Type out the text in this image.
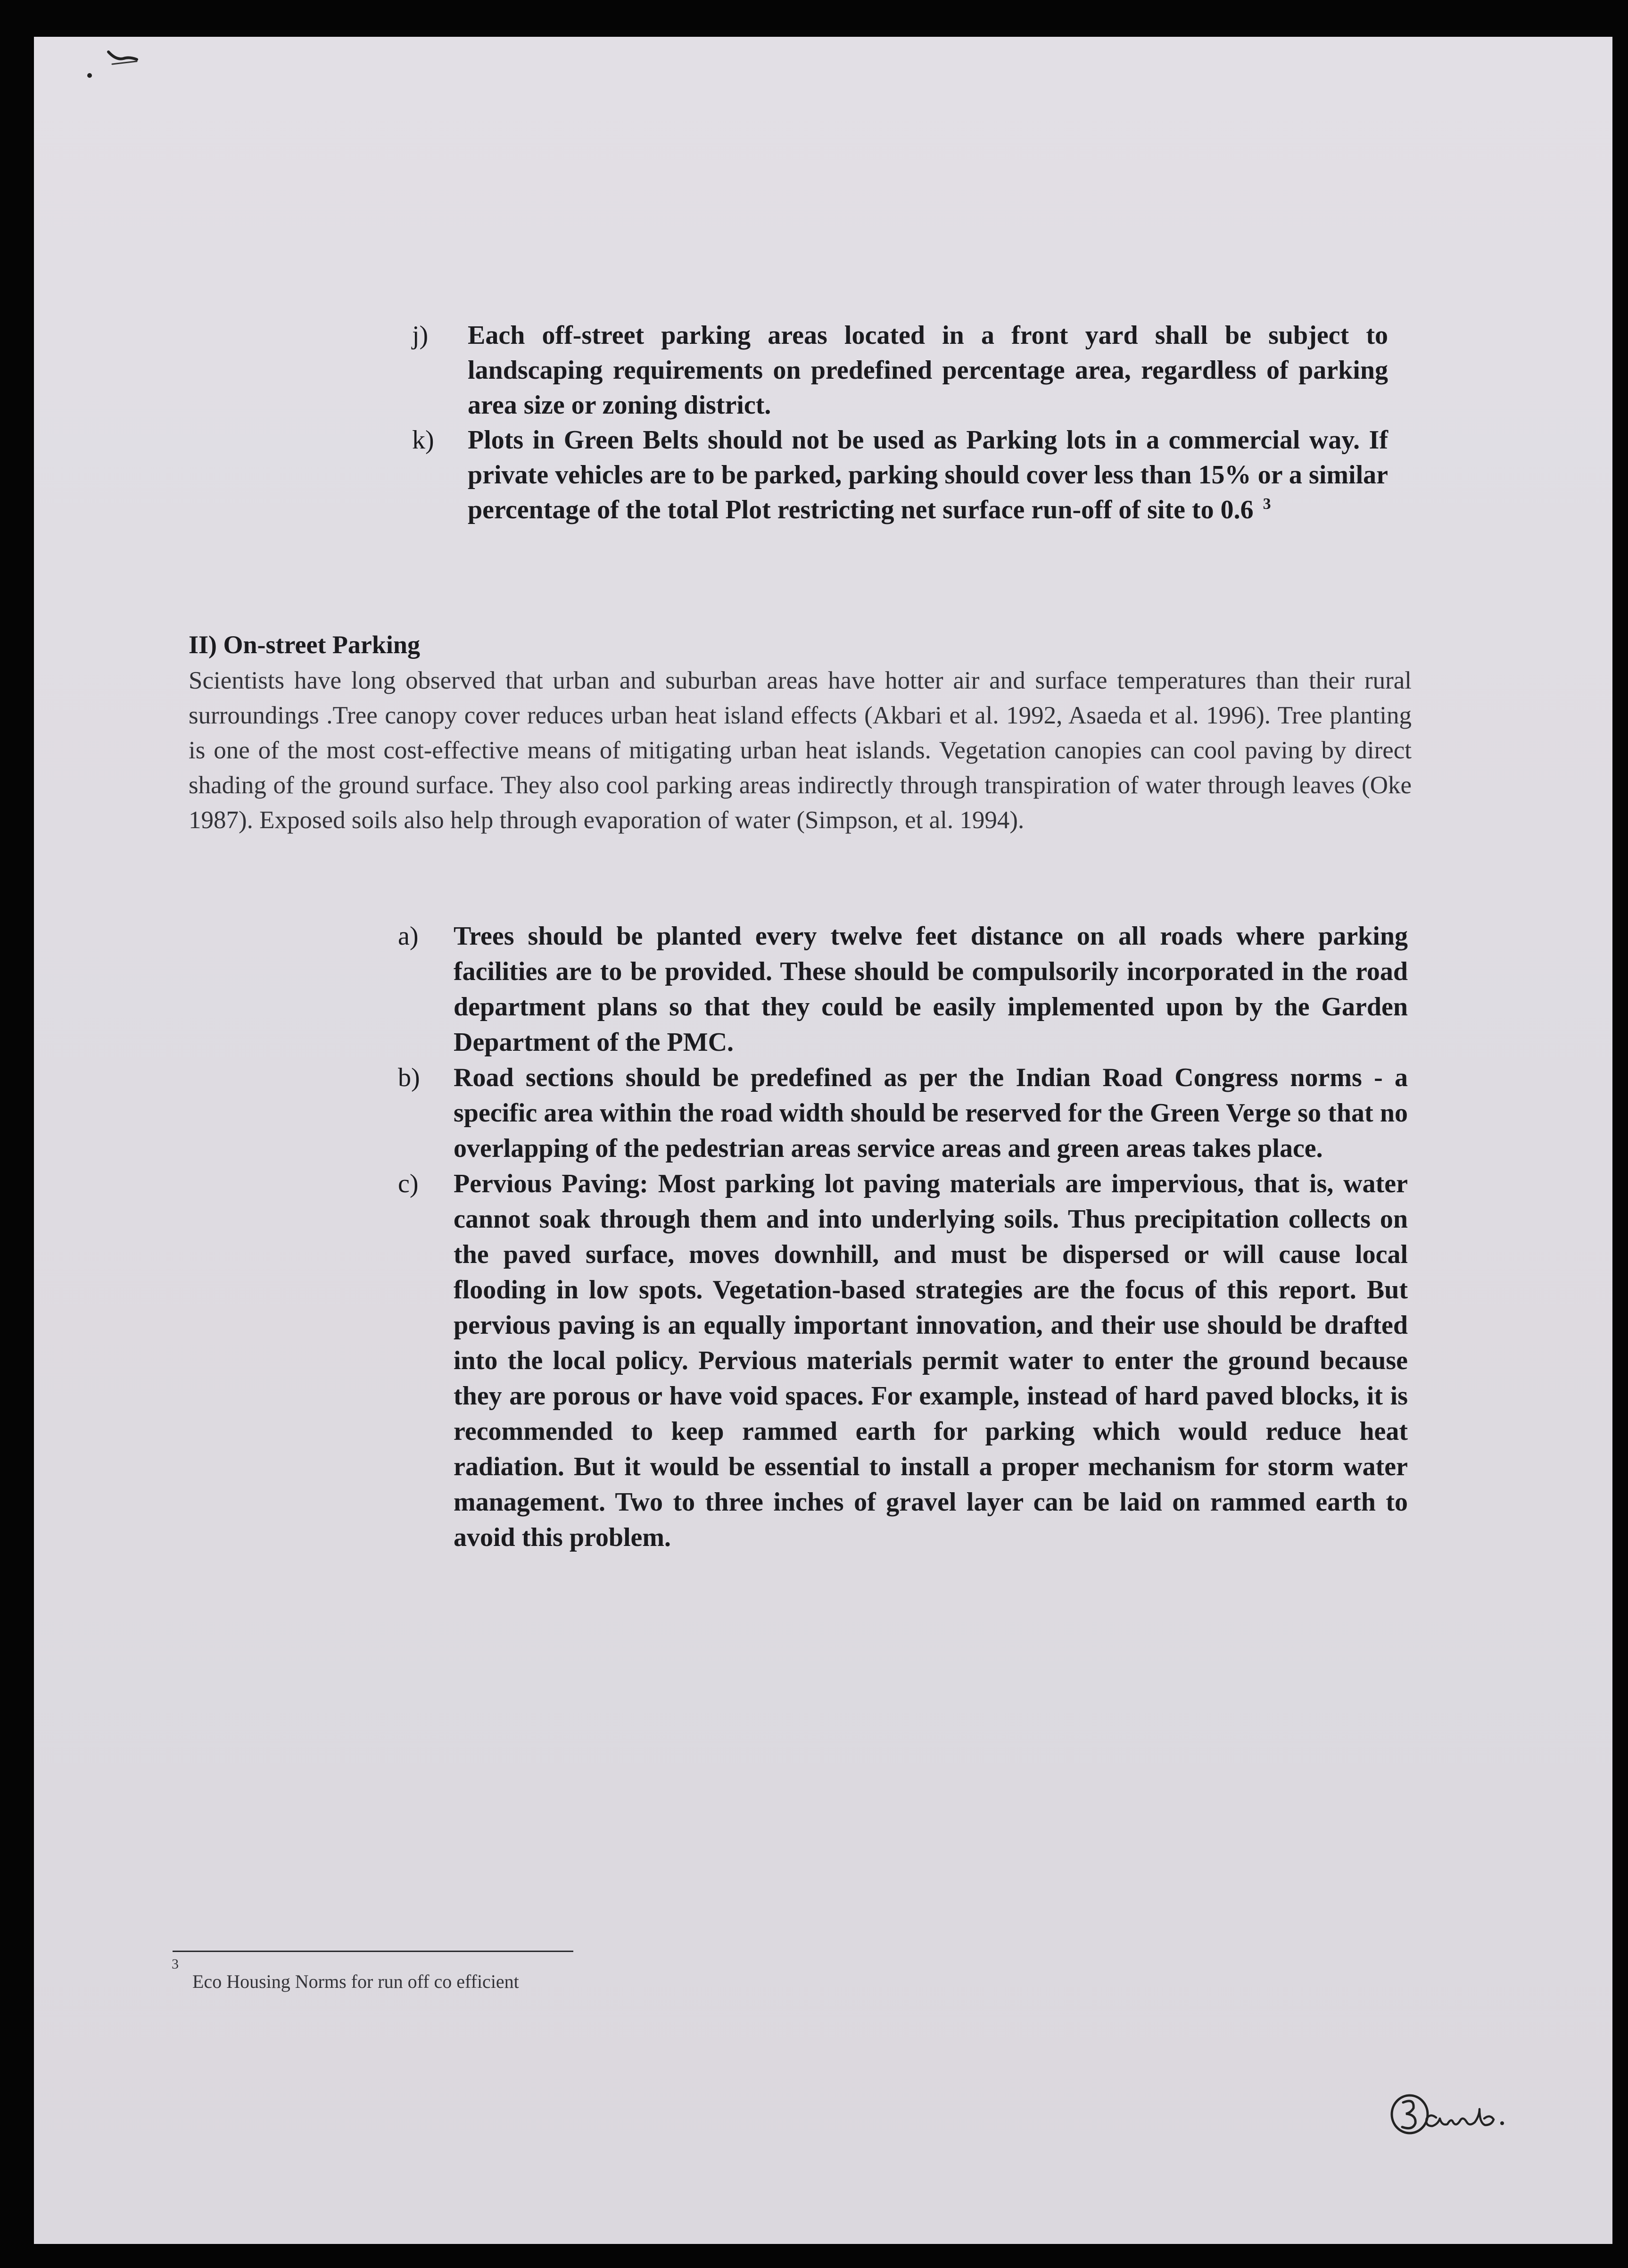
j) Each off-street parking areas located in a front yard shall be subject to landscaping requirements on predefined percentage area, regardless of parking area size or zoning district.
k) Plots in Green Belts should not be used as Parking lots in a commercial way. If private vehicles are to be parked, parking should cover less than 15% or a similar percentage of the total Plot restricting net surface run-off of site to 0.6 $^3$
II) On-street Parking
Scientists have long observed that urban and suburban areas have hotter air and surface temperatures than their rural surroundings .Tree canopy cover reduces urban heat island effects (Akbari et al. 1992, Asaeda et al. 1996). Tree planting is one of the most cost-effective means of mitigating urban heat islands. Vegetation canopies can cool paving by direct shading of the ground surface. They also cool parking areas indirectly through transpiration of water through leaves (Oke 1987). Exposed soils also help through evaporation of water (Simpson, et al. 1994).
a) Trees should be planted every twelve feet distance on all roads where parking facilities are to be provided. These should be compulsorily incorporated in the road department plans so that they could be easily implemented upon by the Garden Department of the PMC.
b) Road sections should be predefined as per the Indian Road Congress norms - a specific area within the road width should be reserved for the Green Verge so that no overlapping of the pedestrian areas service areas and green areas takes place.
c) Pervious Paving: Most parking lot paving materials are impervious, that is, water cannot soak through them and into underlying soils. Thus precipitation collects on the paved surface, moves downhill, and must be dispersed or will cause local flooding in low spots. Vegetation-based strategies are the focus of this report. But pervious paving is an equally important innovation, and their use should be drafted into the local policy. Pervious materials permit water to enter the ground because they are porous or have void spaces. For example, instead of hard paved blocks, it is recommended to keep rammed earth for parking which would reduce heat radiation. But it would be essential to install a proper mechanism for storm water management. Two to three inches of gravel layer can be laid on rammed earth to avoid this problem.
3
Eco Housing Norms for run off co efficient
